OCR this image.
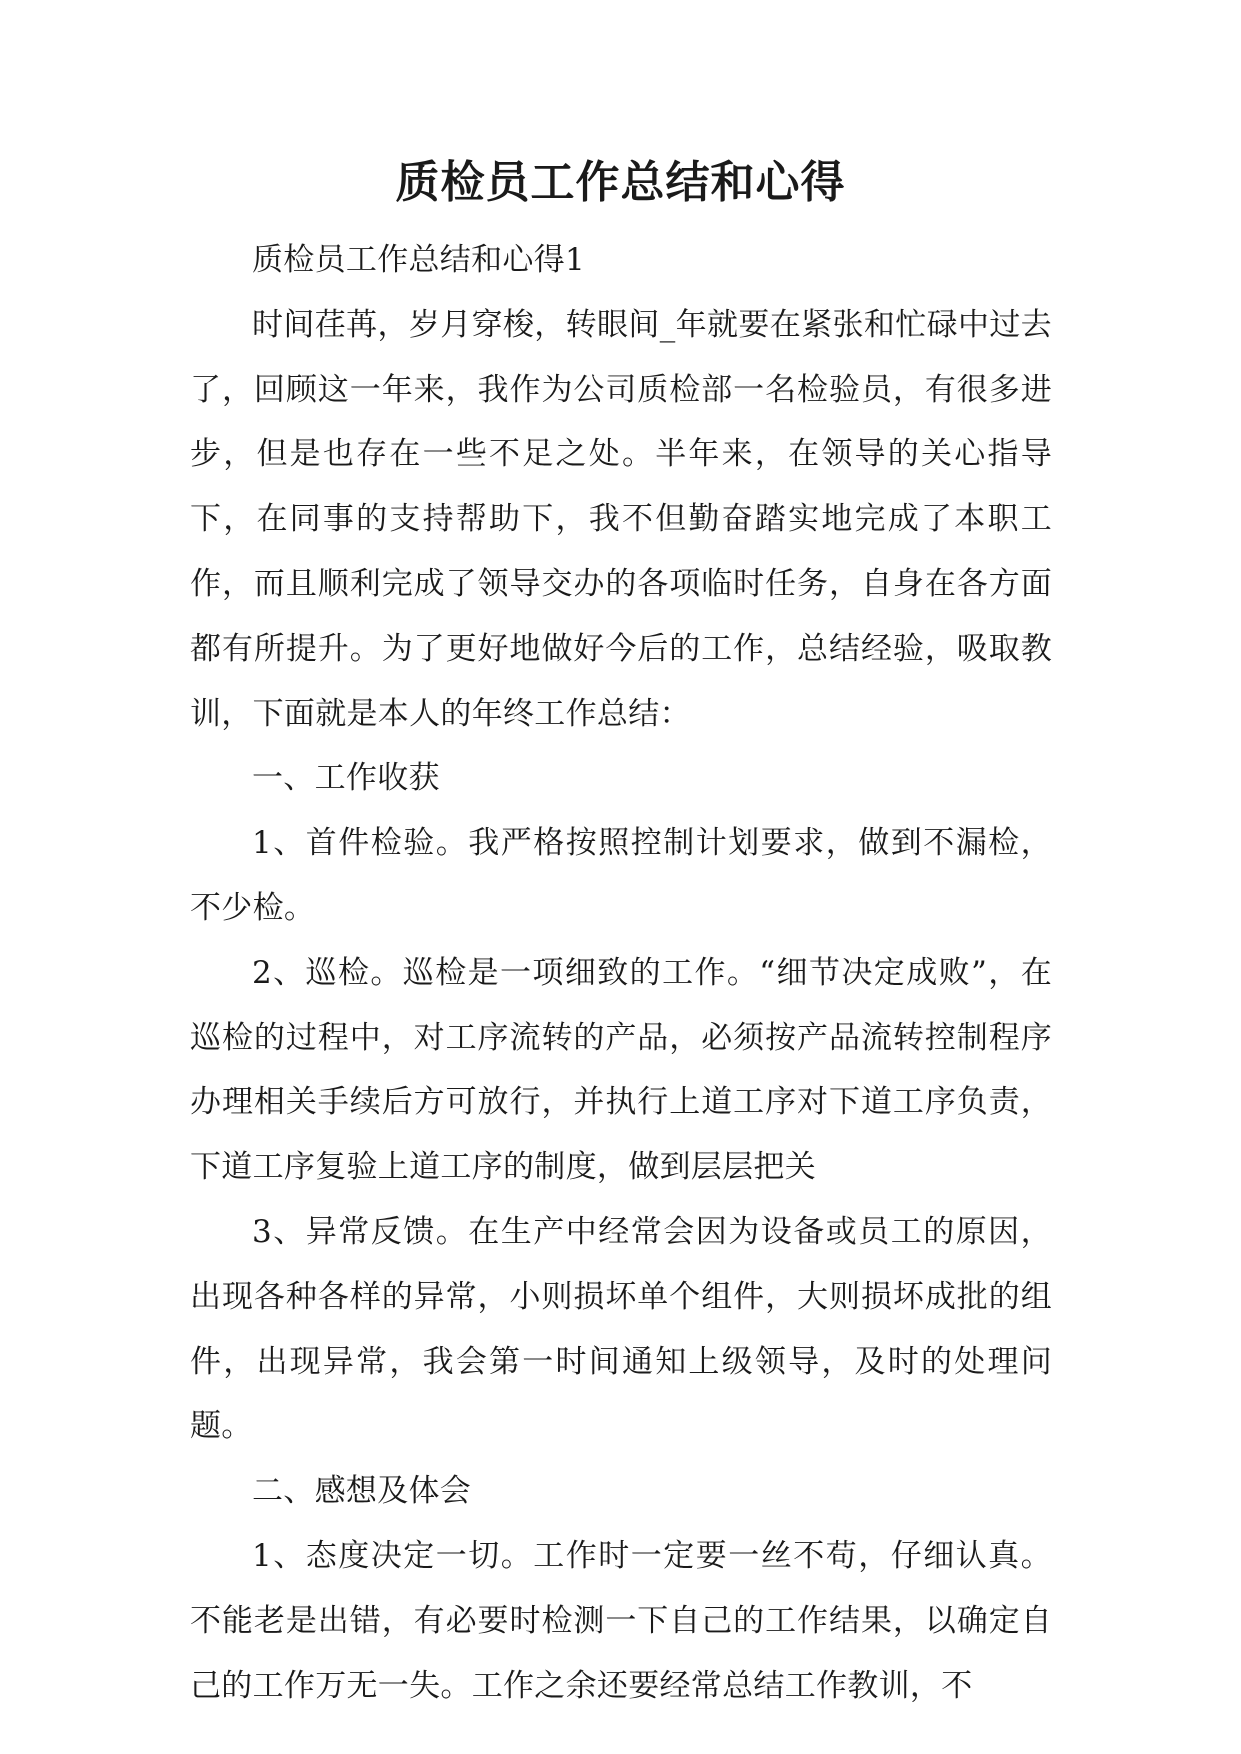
质检员工作总结和心得

质检员工作总结和心得1

时间荏苒，岁月穿梭，转眼间_年就要在紧张和忙碌中过去了，回顾这一年来，我作为公司质检部一名检验员，有很多进步，但是也存在一些不足之处。半年来，在领导的关心指导下，在同事的支持帮助下，我不但勤奋踏实地完成了本职工作，而且顺利完成了领导交办的各项临时任务，自身在各方面都有所提升。为了更好地做好今后的工作，总结经验，吸取教训，下面就是本人的年终工作总结：

一、工作收获

1、首件检验。我严格按照控制计划要求，做到不漏检，不少检。

2、巡检。巡检是一项细致的工作。“细节决定成败”，在巡检的过程中，对工序流转的产品，必须按产品流转控制程序办理相关手续后方可放行，并执行上道工序对下道工序负责，下道工序复验上道工序的制度，做到层层把关

3、异常反馈。在生产中经常会因为设备或员工的原因，出现各种各样的异常，小则损坏单个组件，大则损坏成批的组件，出现异常，我会第一时间通知上级领导，及时的处理问题。

二、感想及体会

1、态度决定一切。工作时一定要一丝不苟，仔细认真。不能老是出错，有必要时检测一下自己的工作结果，以确定自己的工作万无一失。工作之余还要经常总结工作教训，不
